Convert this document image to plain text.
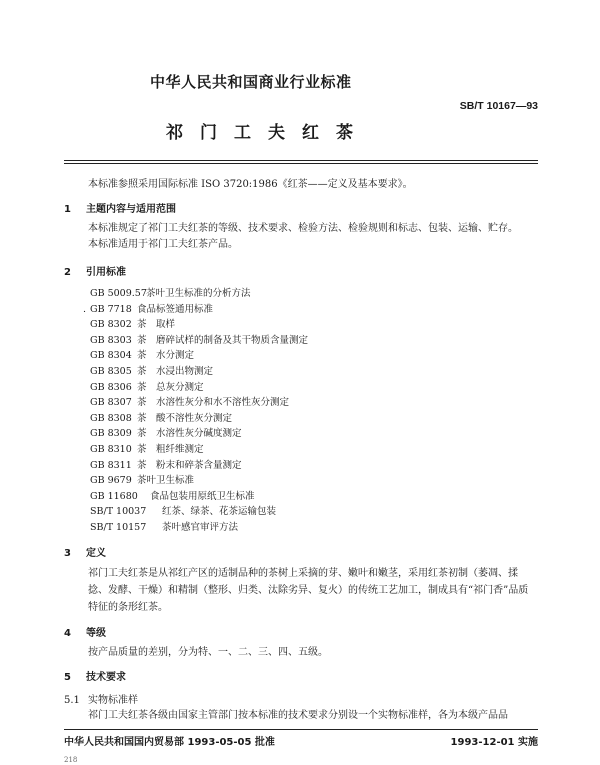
中华人民共和国商业行业标准
SB/T 10167—93
祁门工夫红茶
本标准参照采用国际标准 ISO 3720:1986《红茶——定义及基本要求》。
1 主题内容与适用范围
本标准规定了祁门工夫红茶的等级、技术要求、检验方法、检验规则和标志、包装、运输、贮存。
本标准适用于祁门工夫红茶产品。
2 引用标准
GB 5009.57 茶叶卫生标准的分析方法
. GB 7718 食品标签通用标准
GB 8302 茶　取样
GB 8303 茶　磨碎试样的制备及其干物质含量测定
GB 8304 茶　水分测定
GB 8305 茶　水浸出物测定
GB 8306 茶　总灰分测定
GB 8307 茶　水溶性灰分和水不溶性灰分测定
GB 8308 茶　酸不溶性灰分测定
GB 8309 茶　水溶性灰分碱度测定
GB 8310 茶　粗纤维测定
GB 8311 茶　粉末和碎茶含量测定
GB 9679 茶叶卫生标准
GB 11680	食品包装用原纸卫生标准
SB/T 10037	红茶、绿茶、花茶运输包装
SB/T 10157	茶叶感官审评方法
3 定义
祁门工夫红茶是从祁红产区的适制品种的茶树上采摘的芽、嫩叶和嫩茎，采用红茶初制（萎凋、揉捻、发酵、干燥）和精制（整形、归类、汰除劣异、复火）的传统工艺加工，制成具有“祁门香”品质特征的条形红茶。
4 等级
按产品质量的差别，分为特、一、二、三、四、五级。
5 技术要求
5.1 实物标准样
祁门工夫红茶各级由国家主管部门按本标准的技术要求分别设一个实物标准样，各为本级产品品
中华人民共和国国内贸易部 1993-05-05 批准	1993-12-01 实施
218
